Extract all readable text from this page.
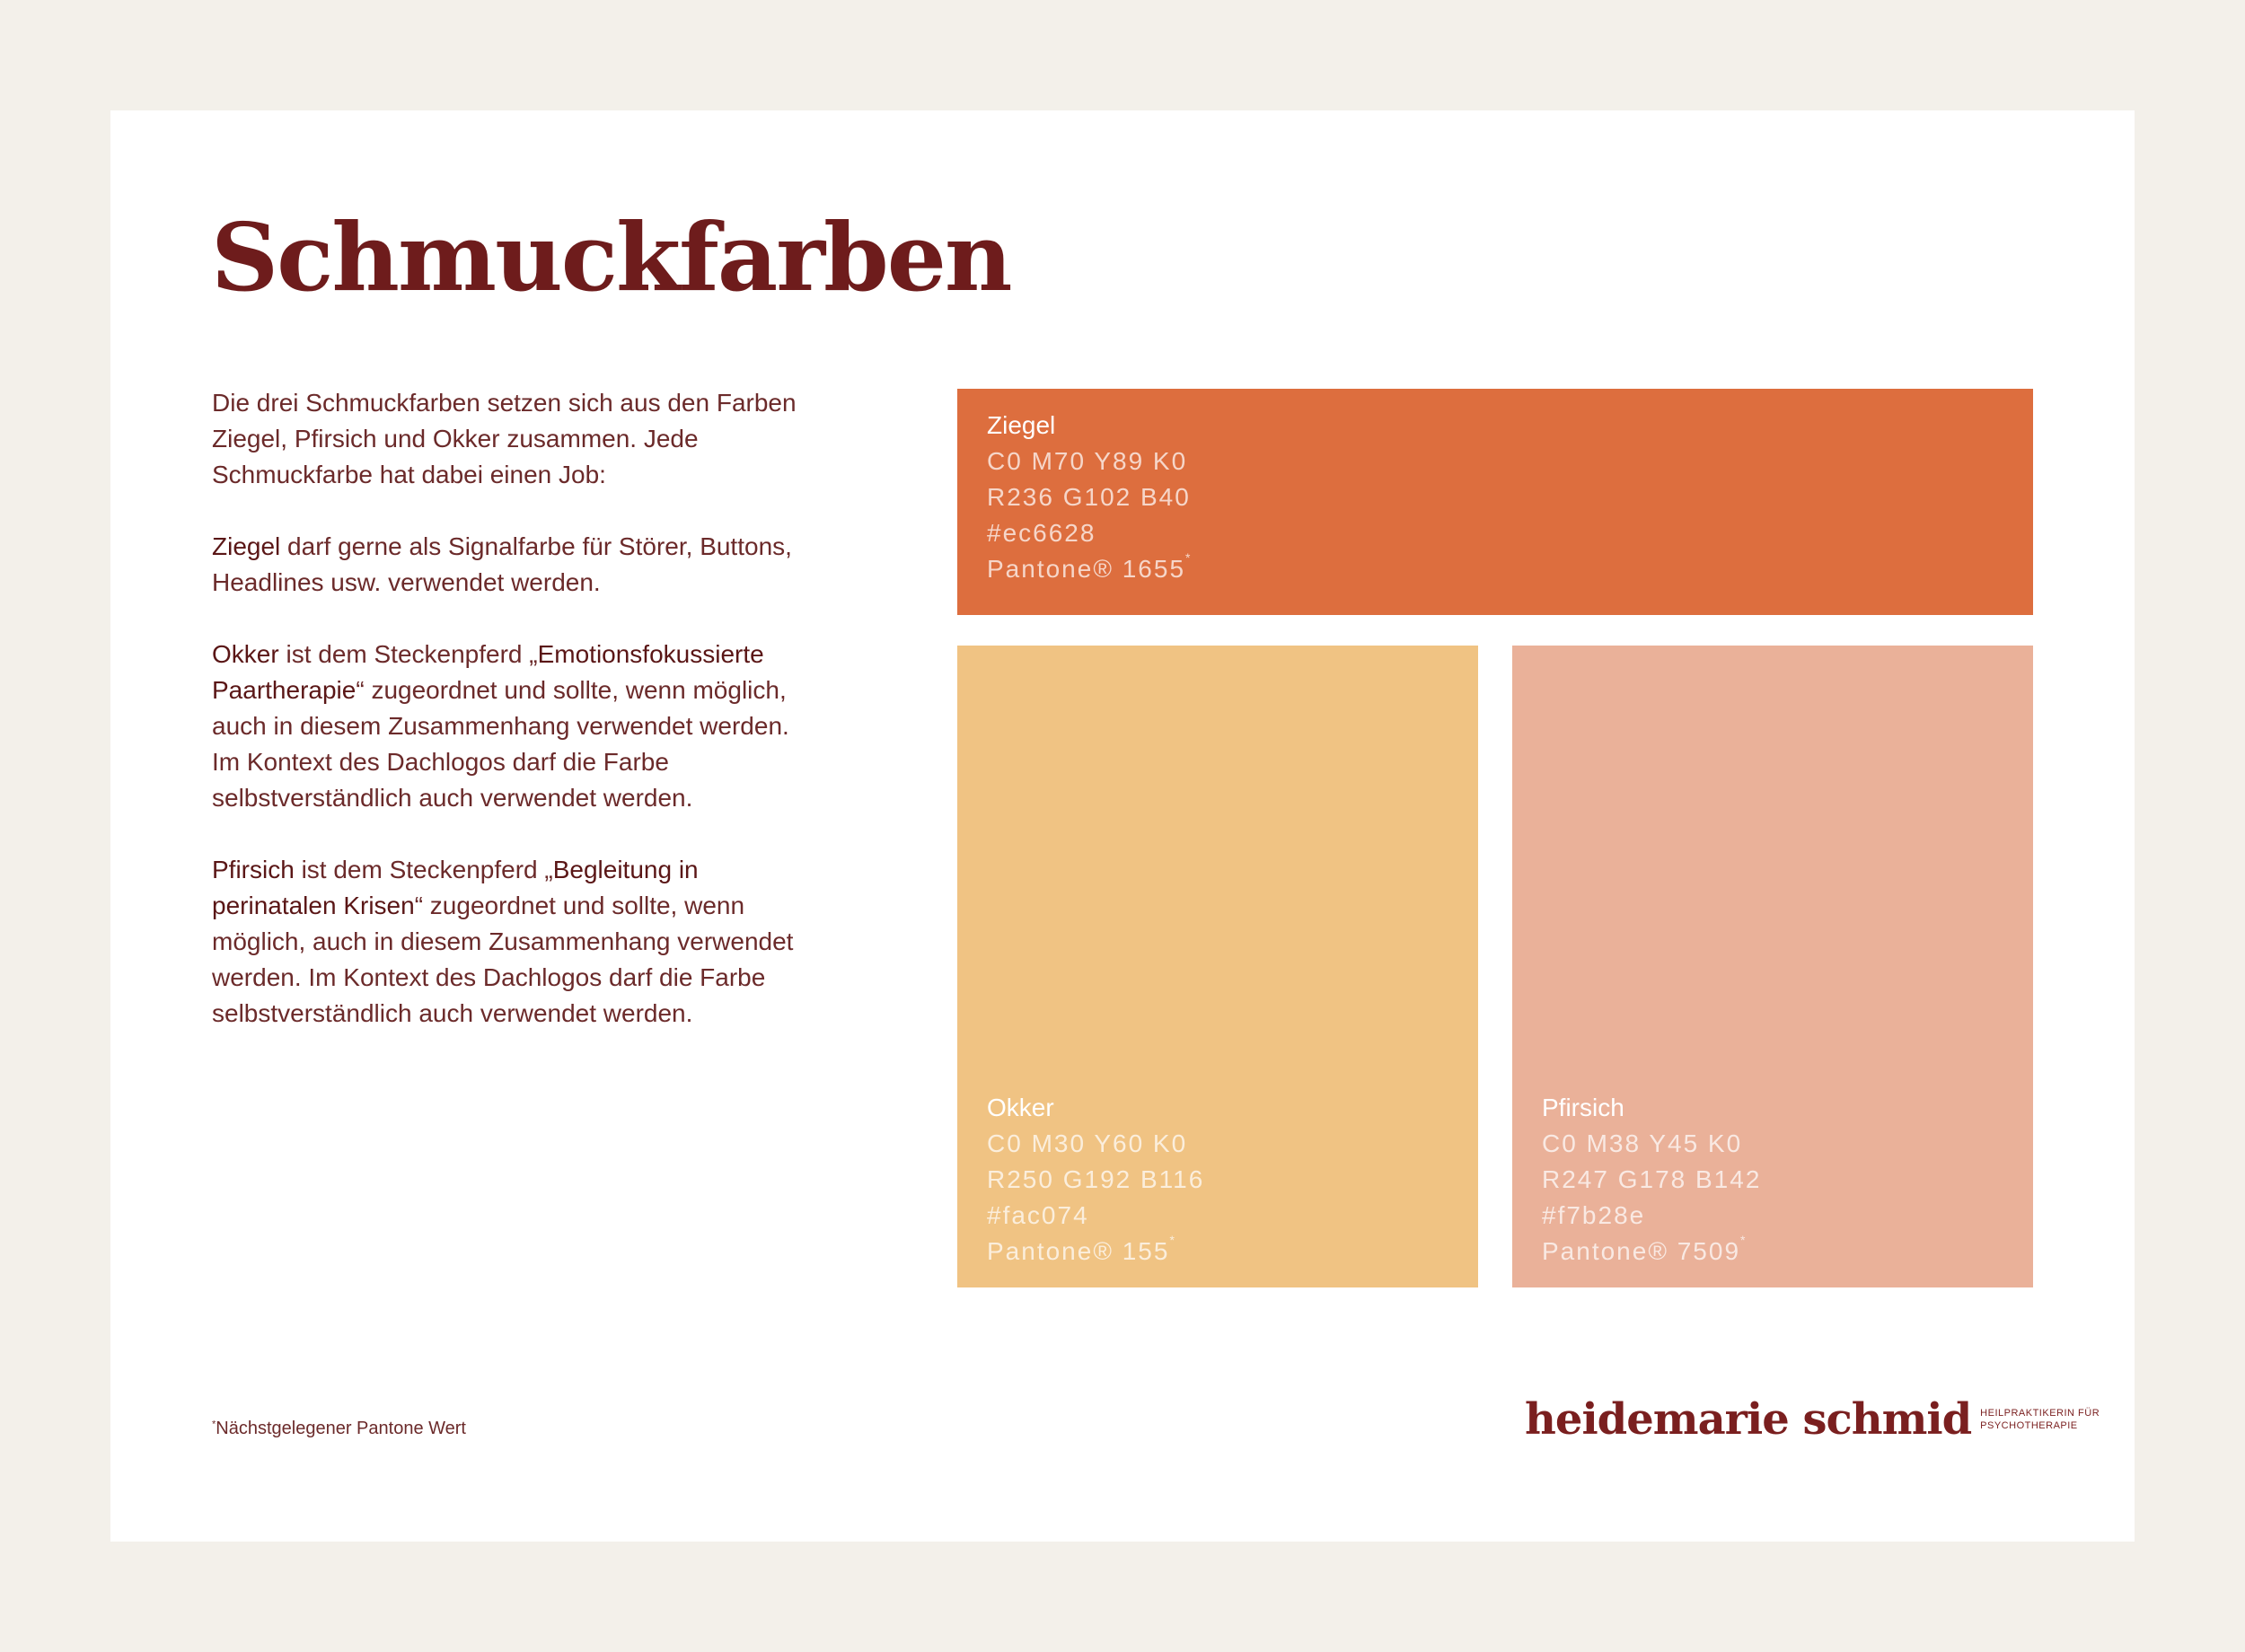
Schmuckfarben

Die drei Schmuckfarben setzen sich aus den Farben Ziegel, Pfirsich und Okker zusammen. Jede Schmuckfarbe hat dabei einen Job:

Ziegel darf gerne als Signalfarbe für Störer, Buttons, Headlines usw. verwendet werden.

Okker ist dem Steckenpferd „Emotionsfokussierte Paartherapie“ zugeordnet und sollte, wenn möglich, auch in diesem Zusammenhang verwendet werden. Im Kontext des Dachlogos darf die Farbe selbstverständlich auch verwendet werden.

Pfirsich ist dem Steckenpferd „Begleitung in perinatalen Krisen“ zugeordnet und sollte, wenn möglich, auch in diesem Zusammenhang verwendet werden. Im Kontext des Dachlogos darf die Farbe selbstverständlich auch verwendet werden.

Ziegel
C0 M70 Y89 K0
R236 G102 B40
#ec6628
Pantone® 1655*
Okker
C0 M30 Y60 K0
R250 G192 B116
#fac074
Pantone® 155*
Pfirsich
C0 M38 Y45 K0
R247 G178 B142
#f7b28e
Pantone® 7509*
*Nächstgelegener Pantone Wert	heidemarie schmid HEILPRAKTIKERIN FÜR
PSYCHOTHERAPIE
